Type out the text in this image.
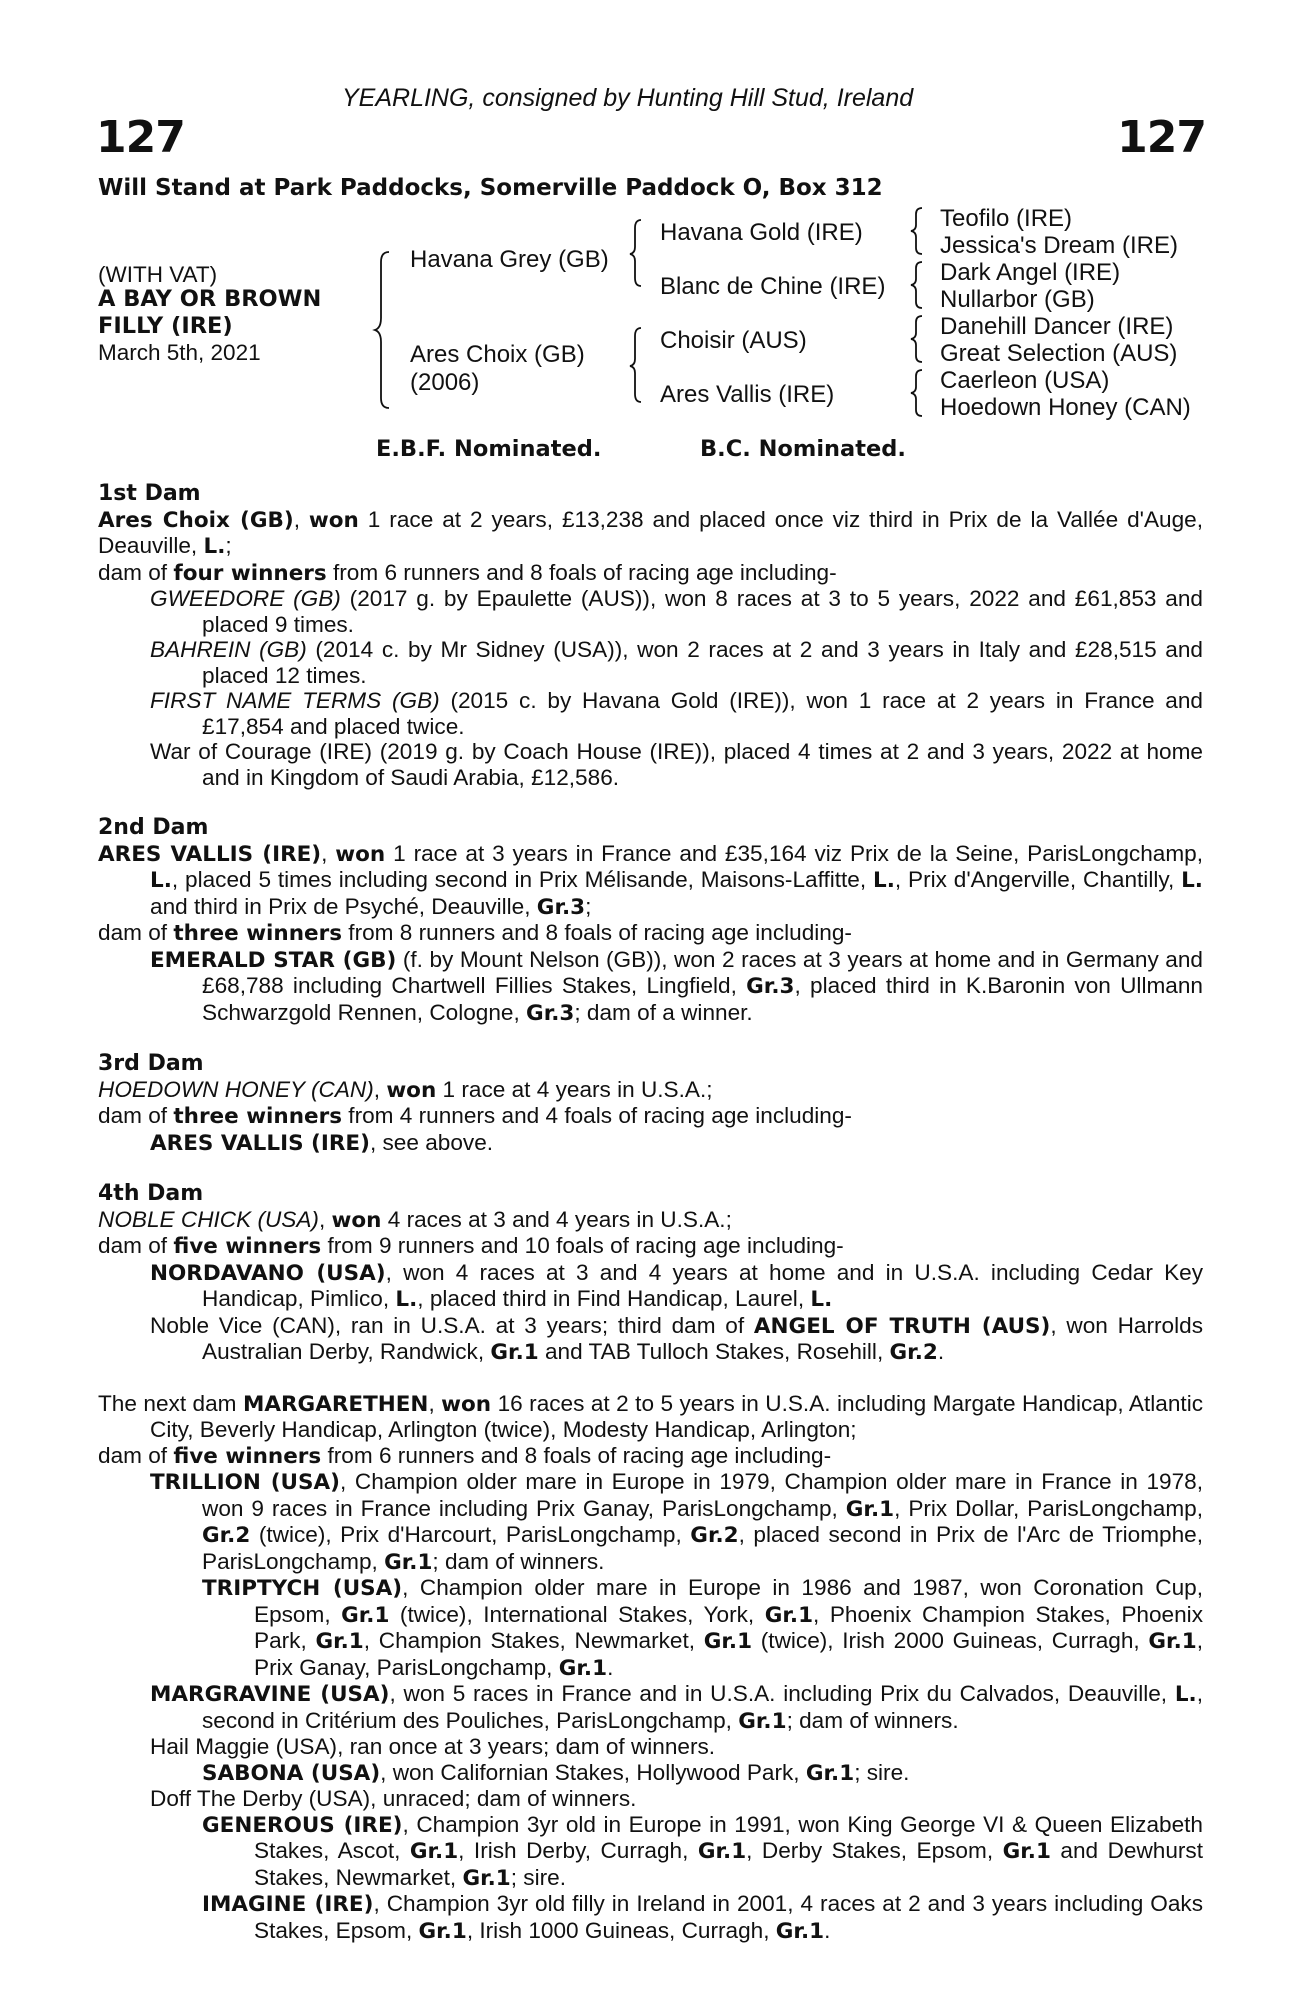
YEARLING, consigned by Hunting Hill Stud, Ireland
127	127
Will Stand at Park Paddocks, Somerville Paddock O, Box 312
(WITH VAT)
A BAY OR BROWN
FILLY (IRE)
March 5th, 2021
Havana Grey (GB)
Ares Choix (GB)
(2006)
Havana Gold (IRE)
Blanc de Chine (IRE)
Choisir (AUS)
Ares Vallis (IRE)
Teofilo (IRE)
Jessica's Dream (IRE)
Dark Angel (IRE)
Nullarbor (GB)
Danehill Dancer (IRE)
Great Selection (AUS)
Caerleon (USA)
Hoedown Honey (CAN)
E.B.F. Nominated.	B.C. Nominated.
1st Dam

Ares Choix (GB), won 1 race at 2 years, £13,238 and placed once viz third in Prix de la Vallée d'Auge, Deauville, L.;

dam of four winners from 6 runners and 8 foals of racing age including-

GWEEDORE (GB) (2017 g. by Epaulette (AUS)), won 8 races at 3 to 5 years, 2022 and £61,853 and placed 9 times.

BAHREIN (GB) (2014 c. by Mr Sidney (USA)), won 2 races at 2 and 3 years in Italy and £28,515 and placed 12 times.

FIRST NAME TERMS (GB) (2015 c. by Havana Gold (IRE)), won 1 race at 2 years in France and £17,854 and placed twice.

War of Courage (IRE) (2019 g. by Coach House (IRE)), placed 4 times at 2 and 3 years, 2022 at home and in Kingdom of Saudi Arabia, £12,586.

2nd Dam

ARES VALLIS (IRE), won 1 race at 3 years in France and £35,164 viz Prix de la Seine, ParisLongchamp, L., placed 5 times including second in Prix Mélisande, Maisons-Laffitte, L., Prix d'Angerville, Chantilly, L. and third in Prix de Psyché, Deauville, Gr.3;

dam of three winners from 8 runners and 8 foals of racing age including-

EMERALD STAR (GB) (f. by Mount Nelson (GB)), won 2 races at 3 years at home and in Germany and £68,788 including Chartwell Fillies Stakes, Lingfield, Gr.3, placed third in K.Baronin von Ullmann Schwarzgold Rennen, Cologne, Gr.3; dam of a winner.

3rd Dam

HOEDOWN HONEY (CAN), won 1 race at 4 years in U.S.A.;

dam of three winners from 4 runners and 4 foals of racing age including-

ARES VALLIS (IRE), see above.

4th Dam

NOBLE CHICK (USA), won 4 races at 3 and 4 years in U.S.A.;

dam of five winners from 9 runners and 10 foals of racing age including-

NORDAVANO (USA), won 4 races at 3 and 4 years at home and in U.S.A. including Cedar Key Handicap, Pimlico, L., placed third in Find Handicap, Laurel, L.

Noble Vice (CAN), ran in U.S.A. at 3 years; third dam of ANGEL OF TRUTH (AUS), won Harrolds Australian Derby, Randwick, Gr.1 and TAB Tulloch Stakes, Rosehill, Gr.2.

The next dam MARGARETHEN, won 16 races at 2 to 5 years in U.S.A. including Margate Handicap, Atlantic City, Beverly Handicap, Arlington (twice), Modesty Handicap, Arlington;

dam of five winners from 6 runners and 8 foals of racing age including-

TRILLION (USA), Champion older mare in Europe in 1979, Champion older mare in France in 1978, won 9 races in France including Prix Ganay, ParisLongchamp, Gr.1, Prix Dollar, ParisLongchamp, Gr.2 (twice), Prix d'Harcourt, ParisLongchamp, Gr.2, placed second in Prix de l'Arc de Triomphe, ParisLongchamp, Gr.1; dam of winners.

TRIPTYCH (USA), Champion older mare in Europe in 1986 and 1987, won Coronation Cup, Epsom, Gr.1 (twice), International Stakes, York, Gr.1, Phoenix Champion Stakes, Phoenix Park, Gr.1, Champion Stakes, Newmarket, Gr.1 (twice), Irish 2000 Guineas, Curragh, Gr.1, Prix Ganay, ParisLongchamp, Gr.1.

MARGRAVINE (USA), won 5 races in France and in U.S.A. including Prix du Calvados, Deauville, L., second in Critérium des Pouliches, ParisLongchamp, Gr.1; dam of winners.

Hail Maggie (USA), ran once at 3 years; dam of winners.

SABONA (USA), won Californian Stakes, Hollywood Park, Gr.1; sire.

Doff The Derby (USA), unraced; dam of winners.

GENEROUS (IRE), Champion 3yr old in Europe in 1991, won King George VI & Queen Elizabeth Stakes, Ascot, Gr.1, Irish Derby, Curragh, Gr.1, Derby Stakes, Epsom, Gr.1 and Dewhurst Stakes, Newmarket, Gr.1; sire.

IMAGINE (IRE), Champion 3yr old filly in Ireland in 2001, 4 races at 2 and 3 years including Oaks Stakes, Epsom, Gr.1, Irish 1000 Guineas, Curragh, Gr.1.
